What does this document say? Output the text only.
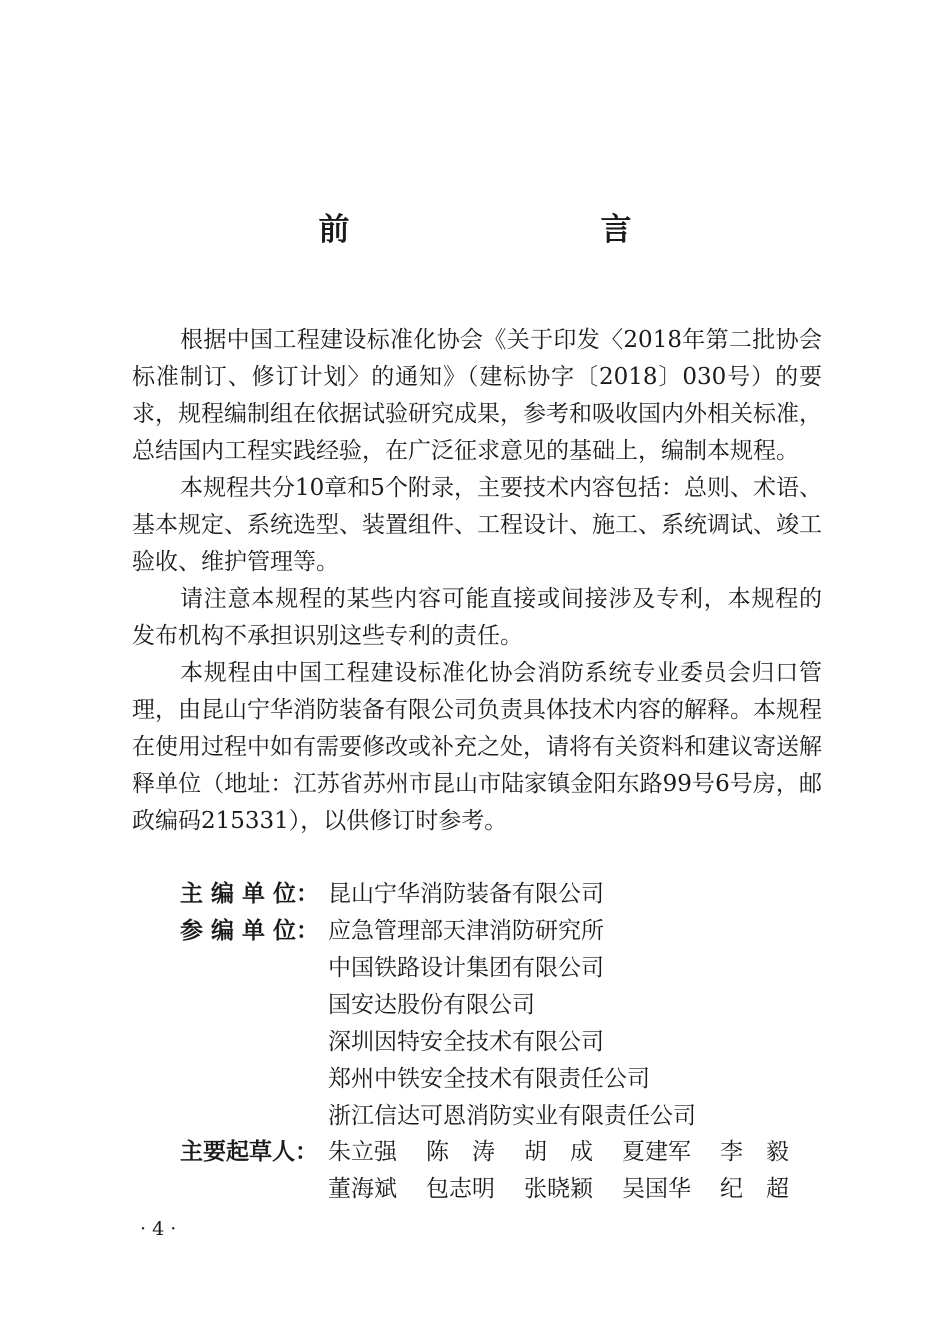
前　　言

根据中国工程建设标准化协会《关于印发〈2018年第二批协会标准制订、修订计划〉的通知》（建标协字〔2018〕030号）的要求，规程编制组在依据试验研究成果，参考和吸收国内外相关标准，总结国内工程实践经验，在广泛征求意见的基础上，编制本规程。

本规程共分10章和5个附录，主要技术内容包括：总则、术语、基本规定、系统选型、装置组件、工程设计、施工、系统调试、竣工验收、维护管理等。

请注意本规程的某些内容可能直接或间接涉及专利，本规程的发布机构不承担识别这些专利的责任。

本规程由中国工程建设标准化协会消防系统专业委员会归口管理，由昆山宁华消防装备有限公司负责具体技术内容的解释。本规程在使用过程中如有需要修改或补充之处，请将有关资料和建议寄送解释单位（地址：江苏省苏州市昆山市陆家镇金阳东路99号6号房，邮政编码215331），以供修订时参考。

主 编 单 位： 昆山宁华消防装备有限公司
参 编 单 位： 应急管理部天津消防研究所
中国铁路设计集团有限公司
国安达股份有限公司
深圳因特安全技术有限公司
郑州中铁安全技术有限责任公司
浙江信达可恩消防实业有限责任公司
主要起草人： 朱立强	陈　涛	胡　成	夏建军	李　毅
董海斌	包志明	张晓颖	吴国华	纪　超
· 4 ·
